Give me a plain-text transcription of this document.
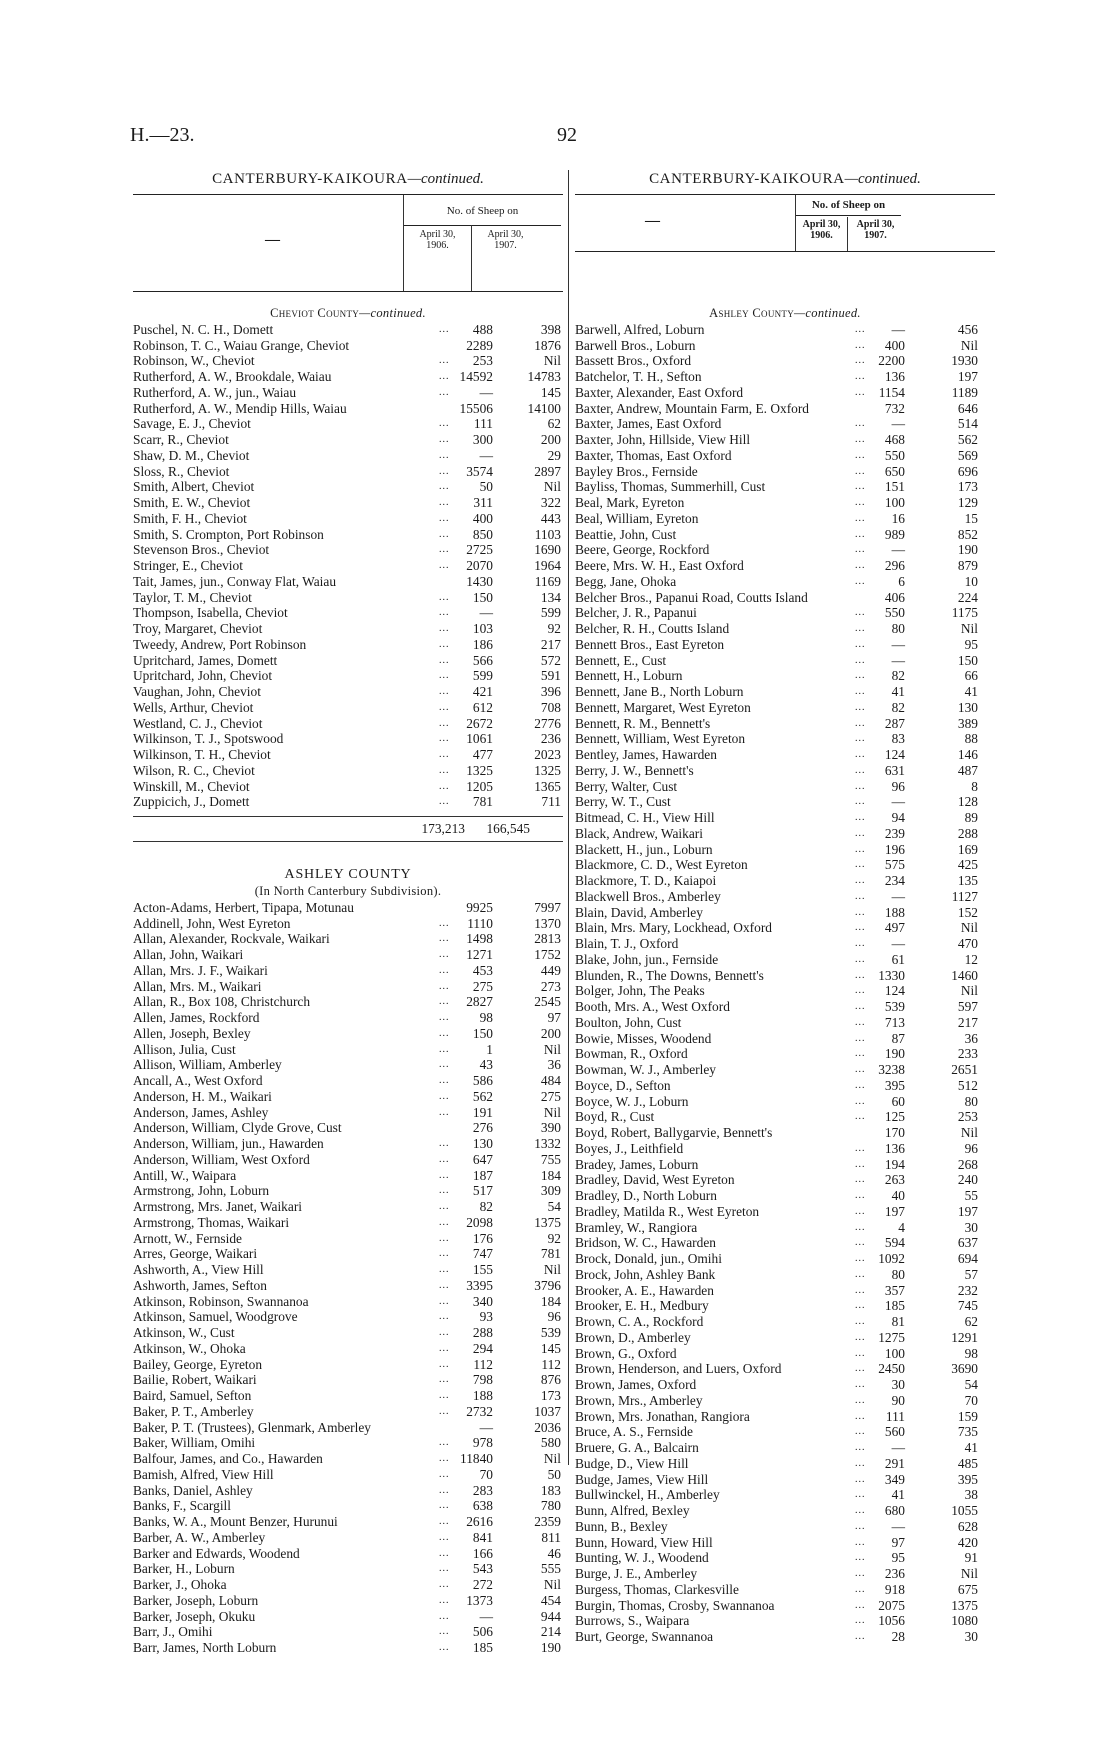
H.—23.	92
CANTERBURY-KAIKOURA—continued.
—
No. of Sheep on
April 30,
1906.
April 30,
1907.
Cheviot County—continued.
Puschel, N. C. H., Domett	...	488	398
Robinson, T. C., Waiau Grange, Cheviot	2289	1876
Robinson, W., Cheviot	...	253	Nil
Rutherford, A. W., Brookdale, Waiau	... 14592	14783
Rutherford, A. W., jun., Waiau	...	—	145
Rutherford, A. W., Mendip Hills, Waiau	15506	14100
Savage, E. J., Cheviot	...	111	62
Scarr, R., Cheviot	...	300	200
Shaw, D. M., Cheviot	...	—	29
Sloss, R., Cheviot	...	3574	2897
Smith, Albert, Cheviot	...	50	Nil
Smith, E. W., Cheviot	...	311	322
Smith, F. H., Cheviot	...	400	443
Smith, S. Crompton, Port Robinson	...	850	1103
Stevenson Bros., Cheviot	...	2725	1690
Stringer, E., Cheviot	...	2070	1964
Tait, James, jun., Conway Flat, Waiau	1430	1169
Taylor, T. M., Cheviot	...	150	134
Thompson, Isabella, Cheviot	...	—	599
Troy, Margaret, Cheviot	...	103	92
Tweedy, Andrew, Port Robinson	...	186	217
Upritchard, James, Domett	...	566	572
Upritchard, John, Cheviot	...	599	591
Vaughan, John, Cheviot	...	421	396
Wells, Arthur, Cheviot	...	612	708
Westland, C. J., Cheviot	...	2672	2776
Wilkinson, T. J., Spotswood	...	1061	236
Wilkinson, T. H., Cheviot	...	477	2023
Wilson, R. C., Cheviot	...	1325	1325
Winskill, M., Cheviot	...	1205	1365
Zuppicich, J., Domett	...	781	711
173,213	166,545
ASHLEY COUNTY
(In North Canterbury Subdivision).
Acton-Adams, Herbert, Tipapa, Motunau	9925	7997
Addinell, John, West Eyreton	...	1110	1370
Allan, Alexander, Rockvale, Waikari	...	1498	2813
Allan, John, Waikari	...	1271	1752
Allan, Mrs. J. F., Waikari	...	453	449
Allan, Mrs. M., Waikari	...	275	273
Allan, R., Box 108, Christchurch	...	2827	2545
Allen, James, Rockford	...	98	97
Allen, Joseph, Bexley	...	150	200
Allison, Julia, Cust	...	1	Nil
Allison, William, Amberley	...	43	36
Ancall, A., West Oxford	...	586	484
Anderson, H. M., Waikari	...	562	275
Anderson, James, Ashley	...	191	Nil
Anderson, William, Clyde Grove, Cust	276	390
Anderson, William, jun., Hawarden	...	130	1332
Anderson, William, West Oxford	...	647	755
Antill, W., Waipara	...	187	184
Armstrong, John, Loburn	...	517	309
Armstrong, Mrs. Janet, Waikari	...	82	54
Armstrong, Thomas, Waikari	...	2098	1375
Arnott, W., Fernside	...	176	92
Arres, George, Waikari	...	747	781
Ashworth, A., View Hill	...	155	Nil
Ashworth, James, Sefton	...	3395	3796
Atkinson, Robinson, Swannanoa	...	340	184
Atkinson, Samuel, Woodgrove	...	93	96
Atkinson, W., Cust	...	288	539
Atkinson, W., Ohoka	...	294	145
Bailey, George, Eyreton	...	112	112
Bailie, Robert, Waikari	...	798	876
Baird, Samuel, Sefton	...	188	173
Baker, P. T., Amberley	...	2732	1037
Baker, P. T. (Trustees), Glenmark, Amberley	—	2036
Baker, William, Omihi	...	978	580
Balfour, James, and Co., Hawarden	... 11840	Nil
Bamish, Alfred, View Hill	...	70	50
Banks, Daniel, Ashley	...	283	183
Banks, F., Scargill	...	638	780
Banks, W. A., Mount Benzer, Hurunui	...	2616	2359
Barber, A. W., Amberley	...	841	811
Barker and Edwards, Woodend	...	166	46
Barker, H., Loburn	...	543	555
Barker, J., Ohoka	...	272	Nil
Barker, Joseph, Loburn	...	1373	454
Barker, Joseph, Okuku	...	—	944
Barr, J., Omihi	...	506	214
Barr, James, North Loburn	...	185	190
CANTERBURY-KAIKOURA—continued.
—
No. of Sheep on
April 30,
1906.
April 30,
1907.
Ashley County—continued.
Barwell, Alfred, Loburn	...	—	456
Barwell Bros., Loburn	...	400	Nil
Bassett Bros., Oxford	... 2200	1930
Batchelor, T. H., Sefton	...	136	197
Baxter, Alexander, East Oxford	... 1154	1189
Baxter, Andrew, Mountain Farm, E. Oxford	732	646
Baxter, James, East Oxford	...	—	514
Baxter, John, Hillside, View Hill	...	468	562
Baxter, Thomas, East Oxford	...	550	569
Bayley Bros., Fernside	...	650	696
Bayliss, Thomas, Summerhill, Cust	...	151	173
Beal, Mark, Eyreton	...	100	129
Beal, William, Eyreton	...	16	15
Beattie, John, Cust	...	989	852
Beere, George, Rockford	...	—	190
Beere, Mrs. W. H., East Oxford	...	296	879
Begg, Jane, Ohoka	...	6	10
Belcher Bros., Papanui Road, Coutts Island	406	224
Belcher, J. R., Papanui	...	550	1175
Belcher, R. H., Coutts Island	...	80	Nil
Bennett Bros., East Eyreton	...	—	95
Bennett, E., Cust	...	—	150
Bennett, H., Loburn	...	82	66
Bennett, Jane B., North Loburn	...	41	41
Bennett, Margaret, West Eyreton	...	82	130
Bennett, R. M., Bennett's	...	287	389
Bennett, William, West Eyreton	...	83	88
Bentley, James, Hawarden	...	124	146
Berry, J. W., Bennett's	...	631	487
Berry, Walter, Cust	...	96	8
Berry, W. T., Cust	...	—	128
Bitmead, C. H., View Hill	...	94	89
Black, Andrew, Waikari	...	239	288
Blackett, H., jun., Loburn	...	196	169
Blackmore, C. D., West Eyreton	...	575	425
Blackmore, T. D., Kaiapoi	...	234	135
Blackwell Bros., Amberley	...	—	1127
Blain, David, Amberley	...	188	152
Blain, Mrs. Mary, Lockhead, Oxford	...	497	Nil
Blain, T. J., Oxford	...	—	470
Blake, John, jun., Fernside	...	61	12
Blunden, R., The Downs, Bennett's	... 1330	1460
Bolger, John, The Peaks	...	124	Nil
Booth, Mrs. A., West Oxford	...	539	597
Boulton, John, Cust	...	713	217
Bowie, Misses, Woodend	...	87	36
Bowman, R., Oxford	...	190	233
Bowman, W. J., Amberley	... 3238	2651
Boyce, D., Sefton	...	395	512
Boyce, W. J., Loburn	...	60	80
Boyd, R., Cust	...	125	253
Boyd, Robert, Ballygarvie, Bennett's	170	Nil
Boyes, J., Leithfield	...	136	96
Bradey, James, Loburn	...	194	268
Bradley, David, West Eyreton	...	263	240
Bradley, D., North Loburn	...	40	55
Bradley, Matilda R., West Eyreton	...	197	197
Bramley, W., Rangiora	...	4	30
Bridson, W. C., Hawarden	...	594	637
Brock, Donald, jun., Omihi	... 1092	694
Brock, John, Ashley Bank	...	80	57
Brooker, A. E., Hawarden	...	357	232
Brooker, E. H., Medbury	...	185	745
Brown, C. A., Rockford	...	81	62
Brown, D., Amberley	... 1275	1291
Brown, G., Oxford	...	100	98
Brown, Henderson, and Luers, Oxford	... 2450	3690
Brown, James, Oxford	...	30	54
Brown, Mrs., Amberley	...	90	70
Brown, Mrs. Jonathan, Rangiora	...	111	159
Bruce, A. S., Fernside	...	560	735
Bruere, G. A., Balcairn	...	—	41
Budge, D., View Hill	...	291	485
Budge, James, View Hill	...	349	395
Bullwinckel, H., Amberley	...	41	38
Bunn, Alfred, Bexley	...	680	1055
Bunn, B., Bexley	...	—	628
Bunn, Howard, View Hill	...	97	420
Bunting, W. J., Woodend	...	95	91
Burge, J. E., Amberley	...	236	Nil
Burgess, Thomas, Clarkesville	...	918	675
Burgin, Thomas, Crosby, Swannanoa	... 2075	1375
Burrows, S., Waipara	... 1056	1080
Burt, George, Swannanoa	...	28	30
